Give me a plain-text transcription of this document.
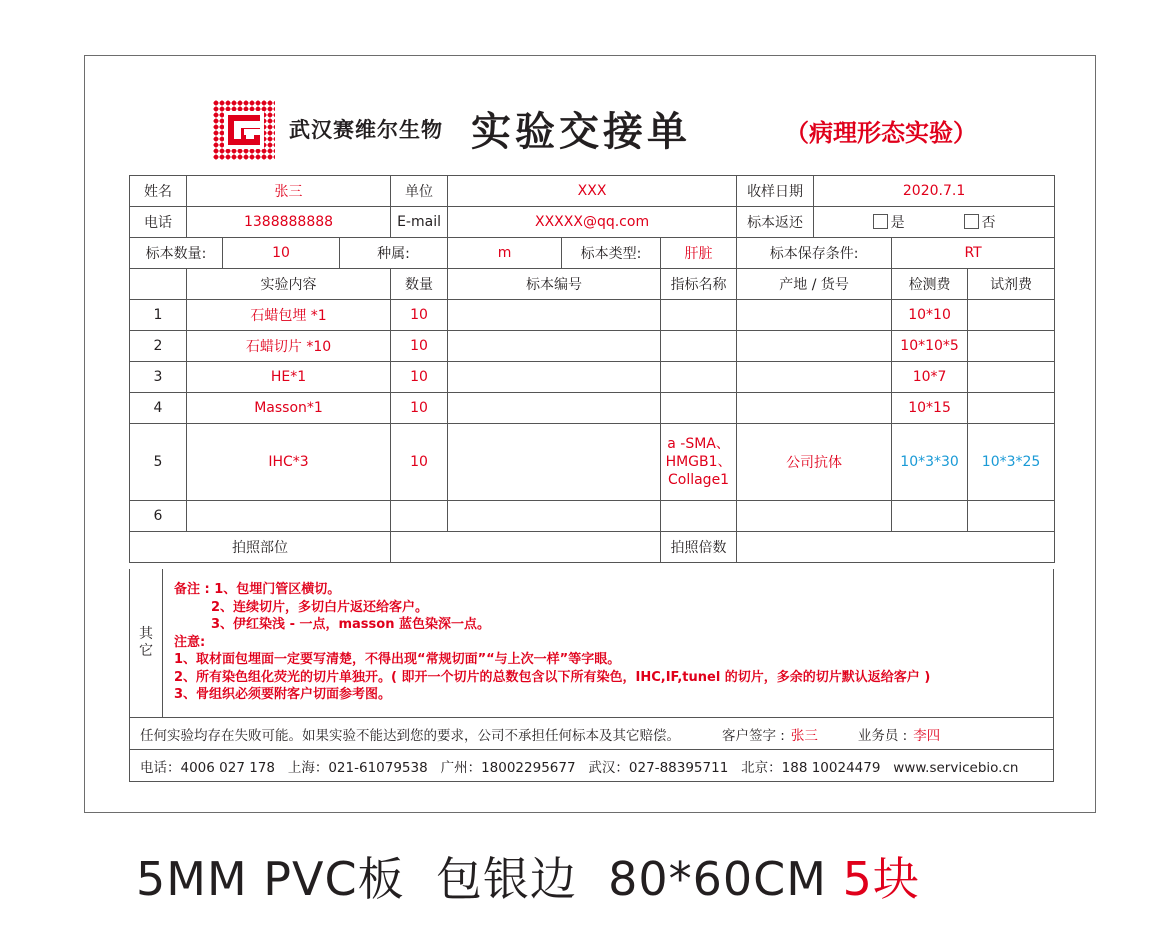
武汉赛维尔生物 实验交接单	（病理形态实验）
姓名	张三			单位	XXX			收样日期	2020.7.1		
电话	1388888888			E-mail	XXXXX@qq.com			标本返还	是 否		
标本数量:		10	种属:		m	标本类型:	肝脏	标本保存条件:		RT	
	实验内容			数量	标本编号		指标名称	产地 / 货号		检测费	试剂费
1	石蜡包埋 *1			10						10*10	
2	石蜡切片 *10			10						10*10*5	
3	HE*1			10						10*7	
4	Masson*1			10						10*15	
5	IHC*3			10			a -SMA、
HMGB1、
Collage1	公司抗体		10*3*30	10*3*25
6											
拍照部位							拍照倍数				
其
它
备注 : 1、包埋门管区横切。
2、连续切片，多切白片返还给客户。
3、伊红染浅 - 一点，masson 蓝色染深一点。
注意:
1、取材面包埋面一定要写清楚，不得出现“常规切面”“与上次一样”等字眼。
2、所有染色组化荧光的切片单独开。( 即开一个切片的总数包含以下所有染色，IHC,IF,tunel 的切片，多余的切片默认返给客户 )
3、骨组织必须要附客户切面参考图。
任何实验均存在失败可能。如果实验不能达到您的要求，公司不承担任何标本及其它赔偿。	客户签字 : 张三	业务员 : 李四
电话：4006 027 178   上海：021-61079538   广州：18002295677   武汉：027-88395711   北京：188 10024479   www.servicebio.cn
5MM PVC板  包银边  80*60CM 5块
